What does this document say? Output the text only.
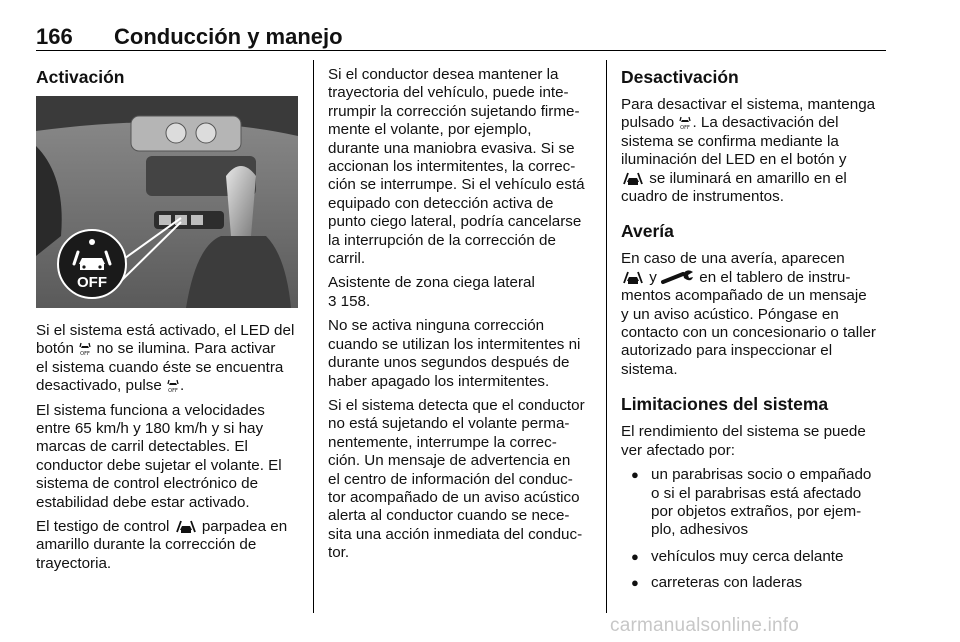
166 Conducción y manejo
Activación
OFF

Si el sistema está activado, el LED del
botón OFF no se ilumina. Para activar
el sistema cuando éste se encuentra
desactivado, pulse OFF .

El sistema funciona a velocidades
entre 65 km/h y 180 km/h y si hay
marcas de carril detectables. El
conductor debe sujetar el volante. El
sistema de control electrónico de
estabilidad debe estar activado.

El testigo de control parpadea en
amarillo durante la corrección de
trayectoria.

Si el conductor desea mantener la
trayectoria del vehículo, puede inte-
rrumpir la corrección sujetando firme-
mente el volante, por ejemplo,
durante una maniobra evasiva. Si se
accionan los intermitentes, la correc-
ción se interrumpe. Si el vehículo está
equipado con detección activa de
punto ciego lateral, podría cancelarse
la interrupción de la corrección de
carril.

Asistente de zona ciega lateral
3 158.

No se activa ninguna corrección
cuando se utilizan los intermitentes ni
durante unos segundos después de
haber apagado los intermitentes.

Si el sistema detecta que el conductor
no está sujetando el volante perma-
nentemente, interrumpe la correc-
ción. Un mensaje de advertencia en
el centro de información del conduc-
tor acompañado de un aviso acústico
alerta al conductor cuando se nece-
sita una acción inmediata del conduc-
tor.

Desactivación

Para desactivar el sistema, mantenga
pulsado OFF . La desactivación del
sistema se confirma mediante la
iluminación del LED en el botón y
se iluminará en amarillo en el
cuadro de instrumentos.

Avería

En caso de una avería, aparecen
y	en el tablero de instru-
mentos acompañado de un mensaje
y un aviso acústico. Póngase en
contacto con un concesionario o taller
autorizado para inspeccionar el
sistema.

Limitaciones del sistema

El rendimiento del sistema se puede
ver afectado por:

● un parabrisas socio o empañado
o si el parabrisas está afectado
por objetos extraños, por ejem-
plo, adhesivos
● vehículos muy cerca delante
● carreteras con laderas
carmanualsonline.info
